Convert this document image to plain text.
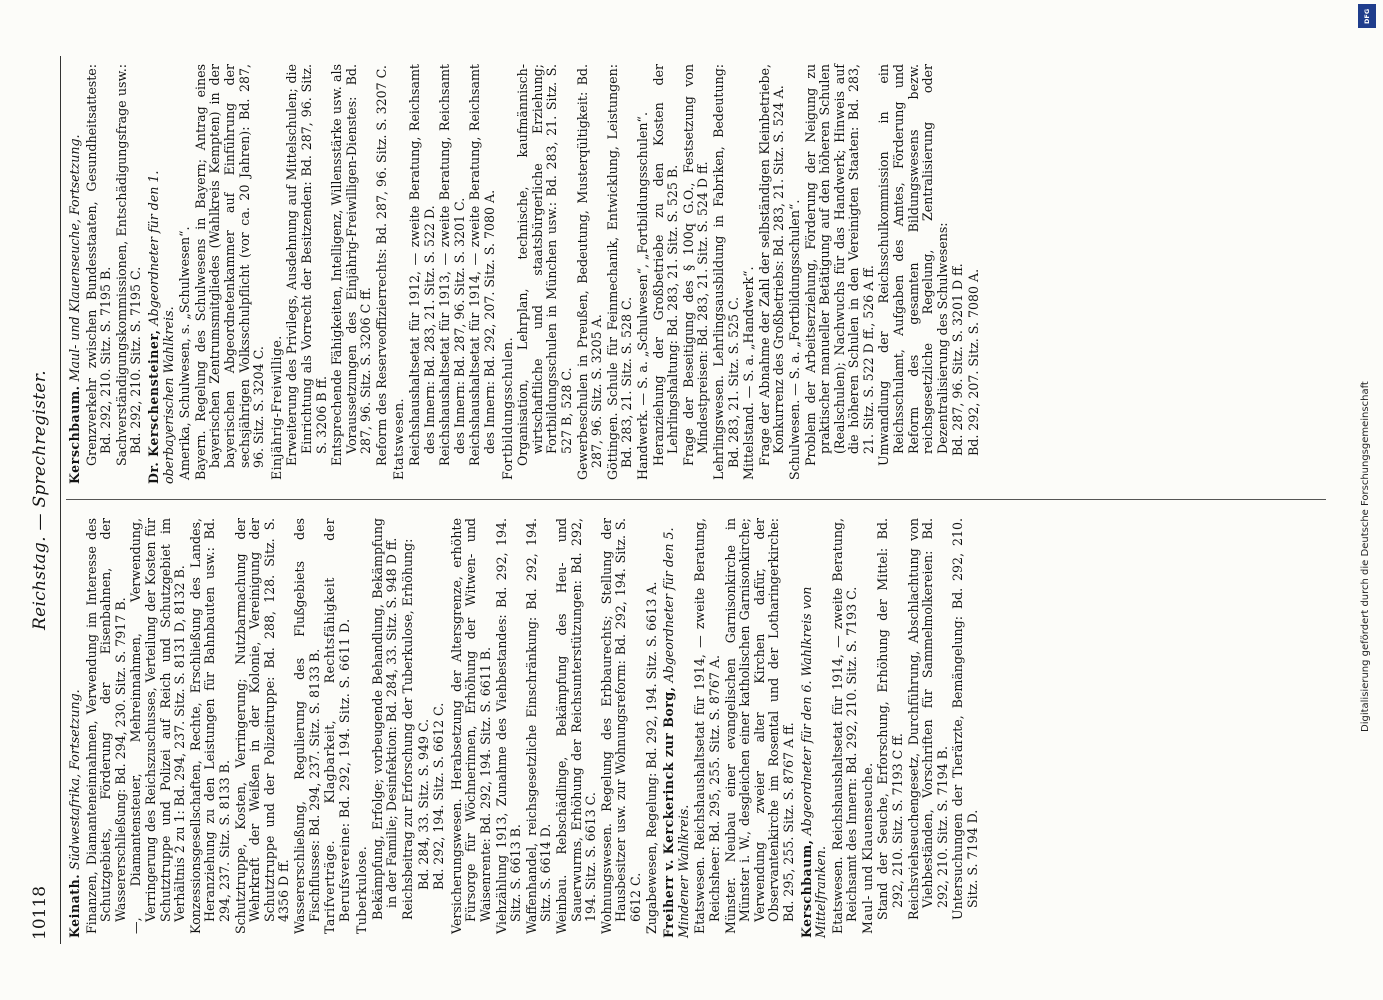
10118
Reichstag. — Sprechregister.
Keinath. Südwestafrika, Fortsetzung. Finanzen, Diamanteneinnahmen, Verwendung im Interesse des Schutzgebiets, Förderung der Eisenbahnen, der Wassererschließung: Bd. 294, 230. Sitz. S. 7917 B. —, Diamantensteuer, Mehreinnahmen, Verwendung, Verringerung des Reichszuschusses, Verteilung der Kosten für Schutztruppe und Polizei auf Reich und Schutzgebiet im Verhältnis 2 zu 1: Bd. 294, 237. Sitz. S. 8131 D, 8132 B. Konzessionsgesellschaften, Rechte, Erschließung des Landes, Heranziehung zu den Leistungen für Bahnbauten usw.: Bd. 294, 237. Sitz. S. 8133 B. Schutztruppe, Kosten, Verringerung; Nutzbarmachung der Wehrkraft der Weißen in der Kolonie, Vereinigung der Schutztruppe und der Polizeitruppe: Bd. 288, 128. Sitz. S. 4356 D ff. Wassererschließung, Regulierung des Flußgebiets des Fischflusses: Bd. 294, 237. Sitz. S. 8133 B. Tarifverträge. Klagbarkeit, Rechtsfähigkeit der Berufsvereine: Bd. 292, 194. Sitz. S. 6611 D. Tuberkulose. Bekämpfung, Erfolge; vorbeugende Behandlung, Bekämpfung in der Familie; Desinfektion: Bd. 284, 33. Sitz. S. 948 D ff. Reichsbeitrag zur Erforschung der Tuberkulose, Erhöhung: Bd. 284, 33. Sitz. S. 949 C. Bd. 292, 194. Sitz. S. 6612 C. Versicherungswesen. Herabsetzung der Altersgrenze, erhöhte Fürsorge für Wöchnerinnen, Erhöhung der Witwen- und Waisenrente: Bd. 292, 194. Sitz. S. 6611 B. Viehzählung 1913, Zunahme des Viehbestandes: Bd. 292, 194. Sitz. S. 6613 B. Waffenhandel, reichsgesetzliche Einschränkung: Bd. 292, 194. Sitz. S. 6614 D. Weinbau. Rebschädlinge, Bekämpfung des Heu- und Sauerwurms, Erhöhung der Reichsunterstützungen: Bd. 292, 194. Sitz. S. 6613 C. Wohnungswesen. Regelung des Erbbaurechts; Stellung der Hausbesitzer usw. zur Wohnungsreform: Bd. 292, 194. Sitz. S. 6612 C. Zugabewesen, Regelung: Bd. 292, 194. Sitz. S. 6613 A. Freiherr v. Kerckerinck zur Borg, Abgeordneter für den 5. Mindener Wahlkreis. Etatswesen. Reichshaushaltsetat für 1914, — zweite Beratung, Reichsheer: Bd. 295, 255. Sitz. S. 8767 A. Münster. Neubau einer evangelischen Garnisonkirche in Münster i. W., desgleichen einer katholischen Garnisonkirche; Verwendung zweier alter Kirchen dafür, der Observantenkirche im Rosental und der Lotharingerkirche: Bd. 295, 255. Sitz. S. 8767 A ff. Kerschbaum, Abgeordneter für den 6. Wahlkreis von Mittelfranken. Etatswesen. Reichshaushaltsetat für 1914, — zweite Beratung, Reichsamt des Innern: Bd. 292, 210. Sitz. S. 7193 C. Maul- und Klauenseuche. Stand der Seuche, Erforschung, Erhöhung der Mittel: Bd. 292, 210. Sitz. S. 7193 C ff. Reichsviehseuchengesetz, Durchführung, Abschlachtung von Viehbeständen, Vorschriften für Sammelmolkereien: Bd. 292, 210. Sitz. S. 7194 B. Untersuchungen der Tierärzte, Bemängelung: Bd. 292, 210. Sitz. S. 7194 D.

Kerschbaum. Maul- und Klauenseuche, Fortsetzung. Grenzverkehr zwischen Bundesstaaten, Gesundheitsatteste: Bd. 292, 210. Sitz. S. 7195 B. Sachverständigungskommissionen, Entschädigungsfrage usw.: Bd. 292, 210. Sitz. S. 7195 C. Dr. Kerschensteiner, Abgeordneter für den 1. oberbayerischen Wahlkreis. Amerika, Schulwesen, s. „Schulwesen“. Bayern. Regelung des Schulwesens in Bayern; Antrag eines bayerischen Zentrumsmitgliedes (Wahlkreis Kempten) in der bayerischen Abgeordnetenkammer auf Einführung der sechsjährigen Volksschulpflicht (vor ca. 20 Jahren): Bd. 287, 96. Sitz. S. 3204 C. Einjährig-Freiwillige. Erweiterung des Privilegs, Ausdehnung auf Mittelschulen; die Einrichtung als Vorrecht der Besitzenden: Bd. 287, 96. Sitz. S. 3206 B ff. Entsprechende Fähigkeiten, Intelligenz, Willensstärke usw. als Voraussetzungen des Einjährig-Freiwilligen-Dienstes: Bd. 287, 96. Sitz. S. 3206 C ff. Reform des Reserveoffizierrechts: Bd. 287, 96. Sitz. S. 3207 C. Etatswesen. Reichshaushaltsetat für 1912, — zweite Beratung, Reichsamt des Innern: Bd. 283, 21. Sitz. S. 522 D. Reichshaushaltsetat für 1913, — zweite Beratung, Reichsamt des Innern: Bd. 287, 96. Sitz. S. 3201 C. Reichshaushaltsetat für 1914, — zweite Beratung, Reichsamt des Innern: Bd. 292, 207. Sitz. S. 7080 A. Fortbildungsschulen. Organisation, Lehrplan, technische, kaufmännisch-wirtschaftliche und staatsbürgerliche Erziehung; Fortbildungsschulen in München usw.: Bd. 283, 21. Sitz. S. 527 B, 528 C. Gewerbeschulen in Preußen, Bedeutung, Musterqültigkeit: Bd. 287, 96. Sitz. S. 3205 A. Göttingen. Schule für Feinmechanik, Entwicklung, Leistungen: Bd. 283, 21. Sitz. S. 528 C. Handwerk. — S. a. „Schulwesen“, „Fortbildungsschulen“. Heranziehung der Großbetriebe zu den Kosten der Lehrlingshaltung: Bd. 283, 21. Sitz. S. 525 B. Frage der Beseitigung des § 100q G.O., Festsetzung von Mindestpreisen: Bd. 283, 21. Sitz. S. 524 D ff. Lehrlingswesen. Lehrlingsausbildung in Fabriken, Bedeutung: Bd. 283, 21. Sitz. S. 525 C. Mittelstand. — S. a. „Handwerk“. Frage der Abnahme der Zahl der selbständigen Kleinbetriebe, Konkurrenz des Großbetriebs: Bd. 283, 21. Sitz. S. 524 A. Schulwesen. — S. a. „Fortbildungsschulen“. Problem der Arbeitserziehung, Förderung der Neigung zu praktischer manueller Betätigung auf den höheren Schulen (Realschulen); Nachwuchs für das Handwerk; Hinweis auf die höheren Schulen in den Vereinigten Staaten: Bd. 283, 21. Sitz. S. 522 D ff., 526 A ff. Umwandlung der Reichsschulkommission in ein Reichsschulamt, Aufgaben des Amtes, Förderung und Reform des gesamten Bildungswesens bezw. reichsgesetzliche Regelung, Zentralisierung oder Dezentralisierung des Schulwesens: Bd. 287, 96. Sitz. S. 3201 D ff. Bd. 292, 207. Sitz. S. 7080 A.

DFG
Digitalisierung gefördert durch die Deutsche Forschungsgemeinschaft
